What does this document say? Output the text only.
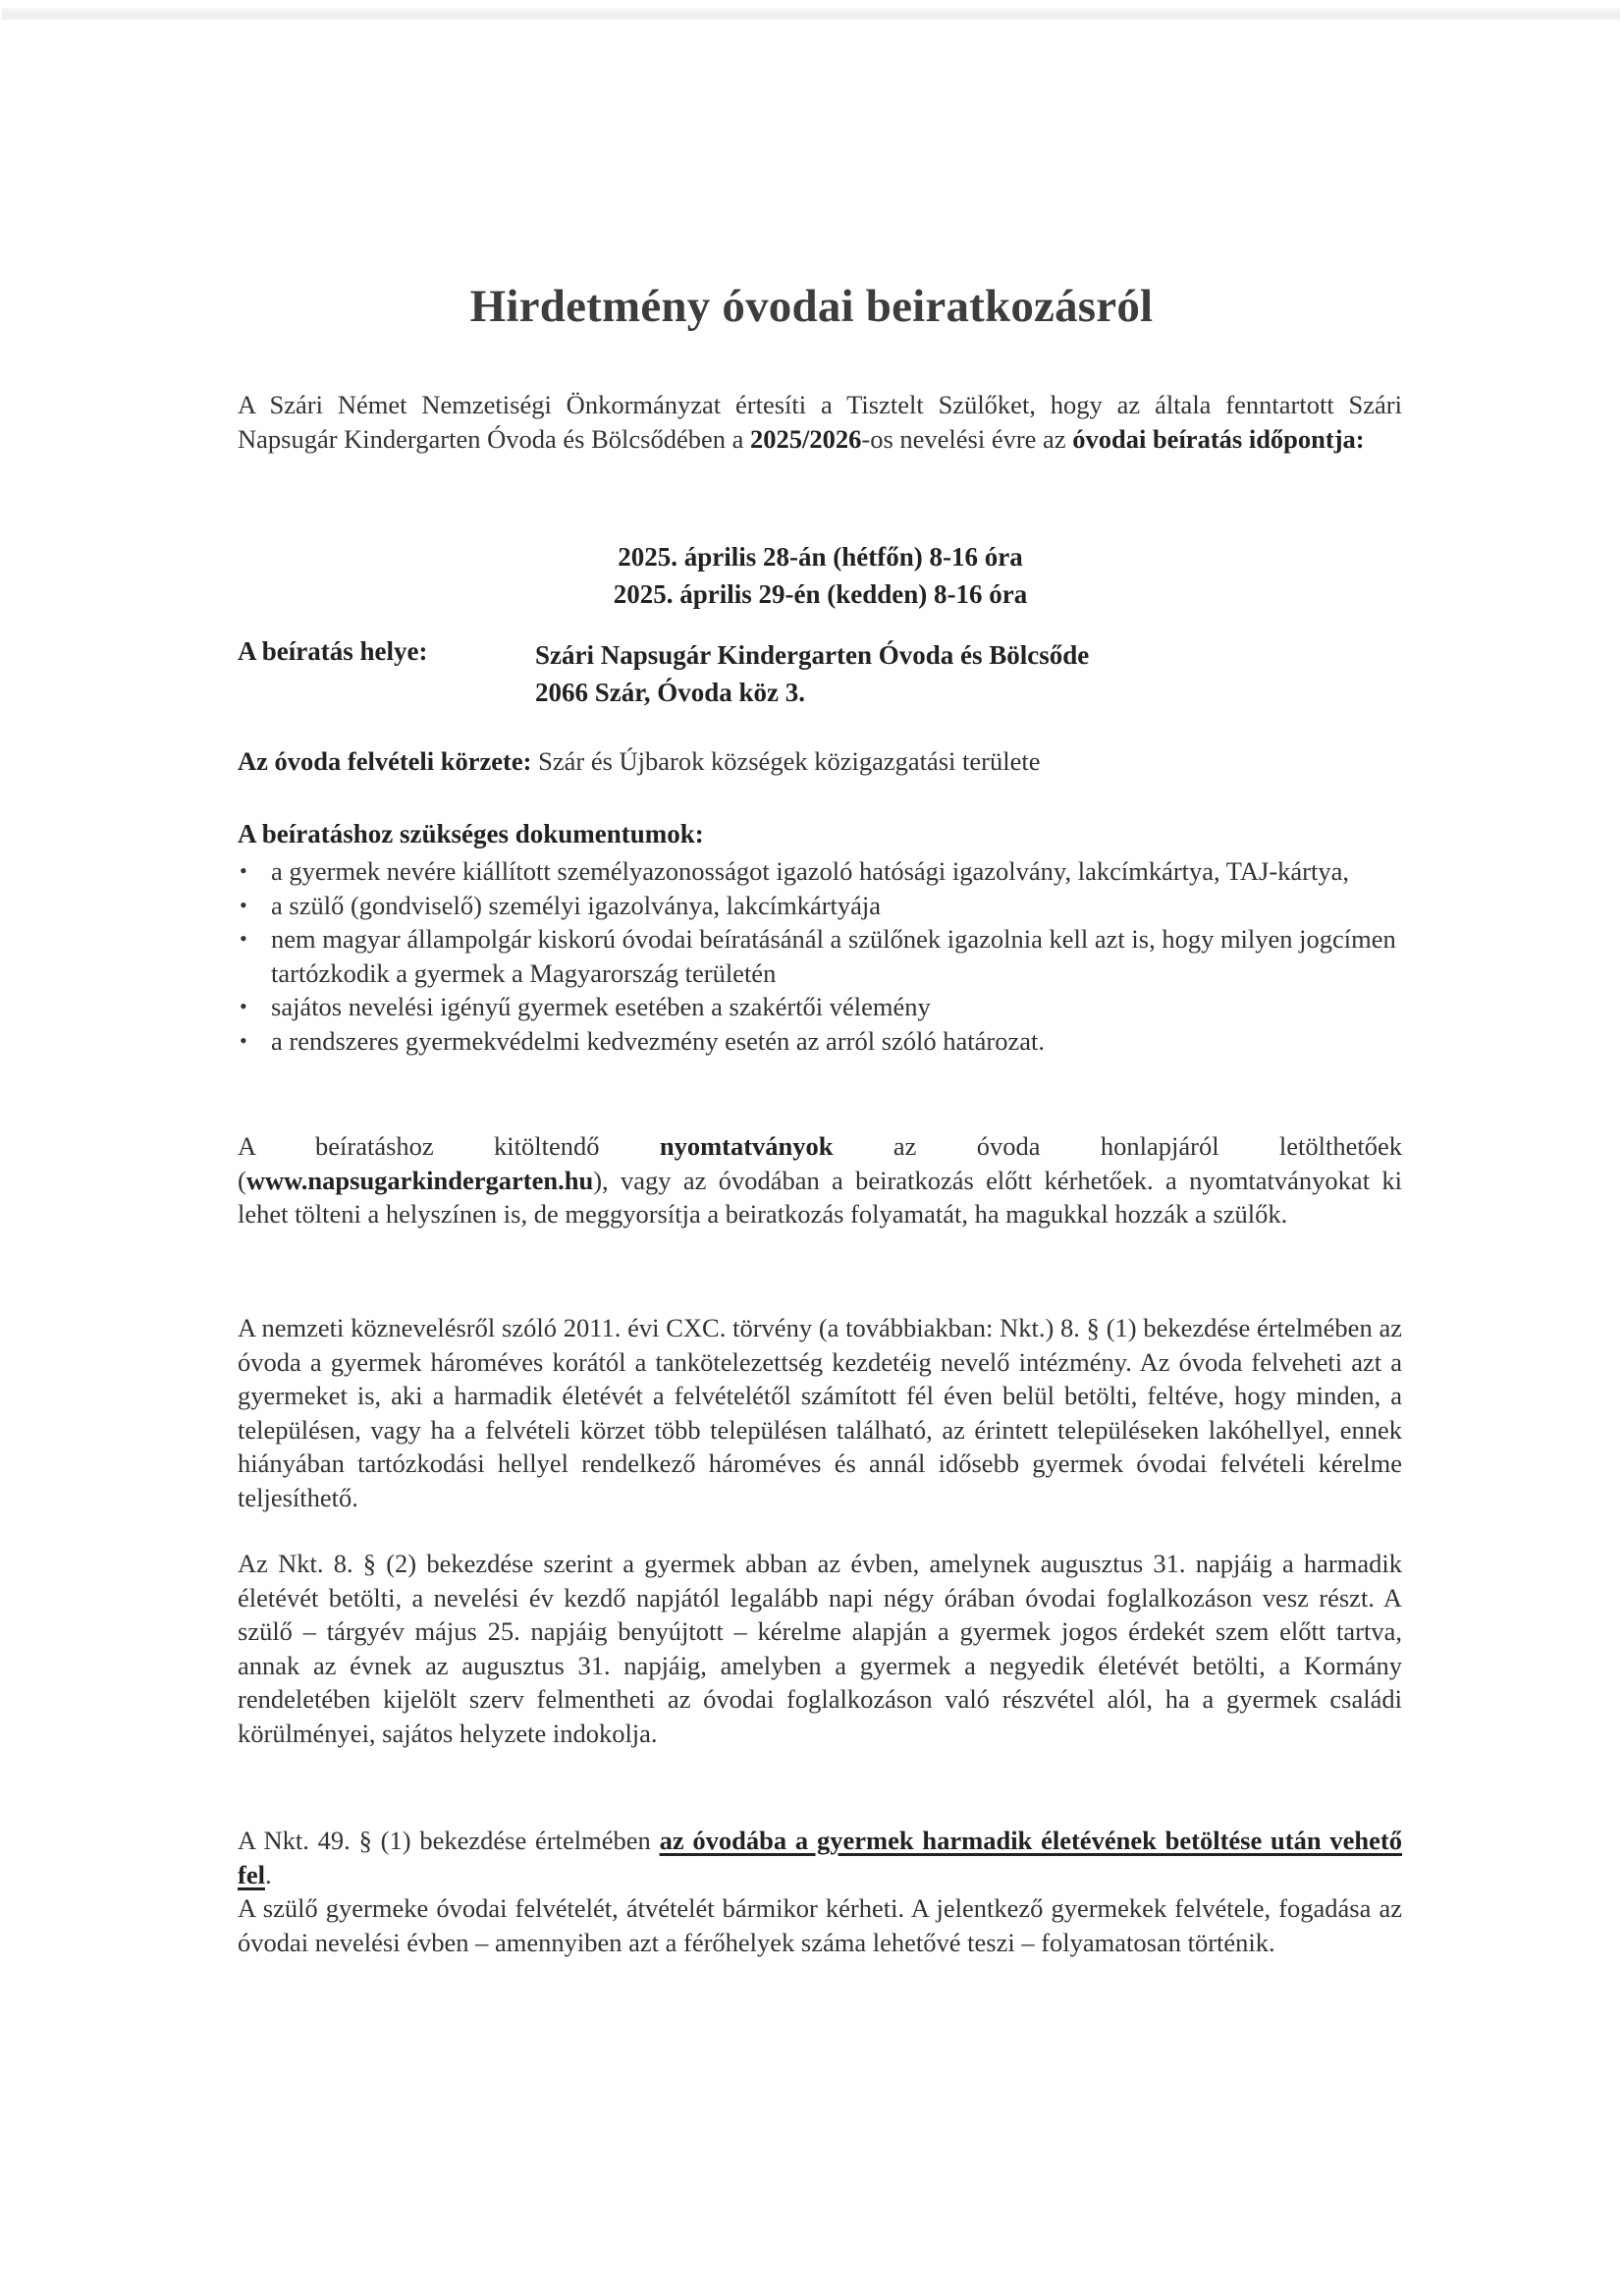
Hirdetmény óvodai beiratkozásról
A Szári Német Nemzetiségi Önkormányzat értesíti a Tisztelt Szülőket, hogy az általa fenntartott Szári Napsugár Kindergarten Óvoda és Bölcsődében a 2025/2026-os nevelési évre az óvodai beíratás időpontja:
2025. április 28-án (hétfőn) 8-16 óra
2025. április 29-én (kedden) 8-16 óra
A beíratás helye:	Szári Napsugár Kindergarten Óvoda és Bölcsőde
2066 Szár, Óvoda köz 3.
Az óvoda felvételi körzete: Szár és Újbarok községek közigazgatási területe
A beíratáshoz szükséges dokumentumok:
• a gyermek nevére kiállított személyazonosságot igazoló hatósági igazolvány, lakcímkártya, TAJ-kártya,
• a szülő (gondviselő) személyi igazolványa, lakcímkártyája
• nem magyar állampolgár kiskorú óvodai beíratásánál a szülőnek igazolnia kell azt is, hogy milyen jogcímen tartózkodik a gyermek a Magyarország területén
• sajátos nevelési igényű gyermek esetében a szakértői vélemény
• a rendszeres gyermekvédelmi kedvezmény esetén az arról szóló határozat.
A beíratáshoz kitöltendő nyomtatványok az óvoda honlapjáról letölthetőek (www.napsugarkindergarten.hu), vagy az óvodában a beiratkozás előtt kérhetőek. a nyomtatványokat ki lehet tölteni a helyszínen is, de meggyorsítja a beiratkozás folyamatát, ha magukkal hozzák a szülők.
A nemzeti köznevelésről szóló 2011. évi CXC. törvény (a továbbiakban: Nkt.) 8. § (1) bekezdése értelmében az óvoda a gyermek hároméves korától a tankötelezettség kezdetéig nevelő intézmény. Az óvoda felveheti azt a gyermeket is, aki a harmadik életévét a felvételétől számított fél éven belül betölti, feltéve, hogy minden, a településen, vagy ha a felvételi körzet több településen található, az érintett településeken lakóhellyel, ennek hiányában tartózkodási hellyel rendelkező hároméves és annál idősebb gyermek óvodai felvételi kérelme teljesíthető.
Az Nkt. 8. § (2) bekezdése szerint a gyermek abban az évben, amelynek augusztus 31. napjáig a harmadik életévét betölti, a nevelési év kezdő napjától legalább napi négy órában óvodai foglalkozáson vesz részt. A szülő – tárgyév május 25. napjáig benyújtott – kérelme alapján a gyermek jogos érdekét szem előtt tartva, annak az évnek az augusztus 31. napjáig, amelyben a gyermek a negyedik életévét betölti, a Kormány rendeletében kijelölt szerv felmentheti az óvodai foglalkozáson való részvétel alól, ha a gyermek családi körülményei, sajátos helyzete indokolja.
A Nkt. 49. § (1) bekezdése értelmében az óvodába a gyermek harmadik életévének betöltése után vehető fel.
A szülő gyermeke óvodai felvételét, átvételét bármikor kérheti. A jelentkező gyermekek felvétele, fogadása az óvodai nevelési évben – amennyiben azt a férőhelyek száma lehetővé teszi – folyamatosan történik.
